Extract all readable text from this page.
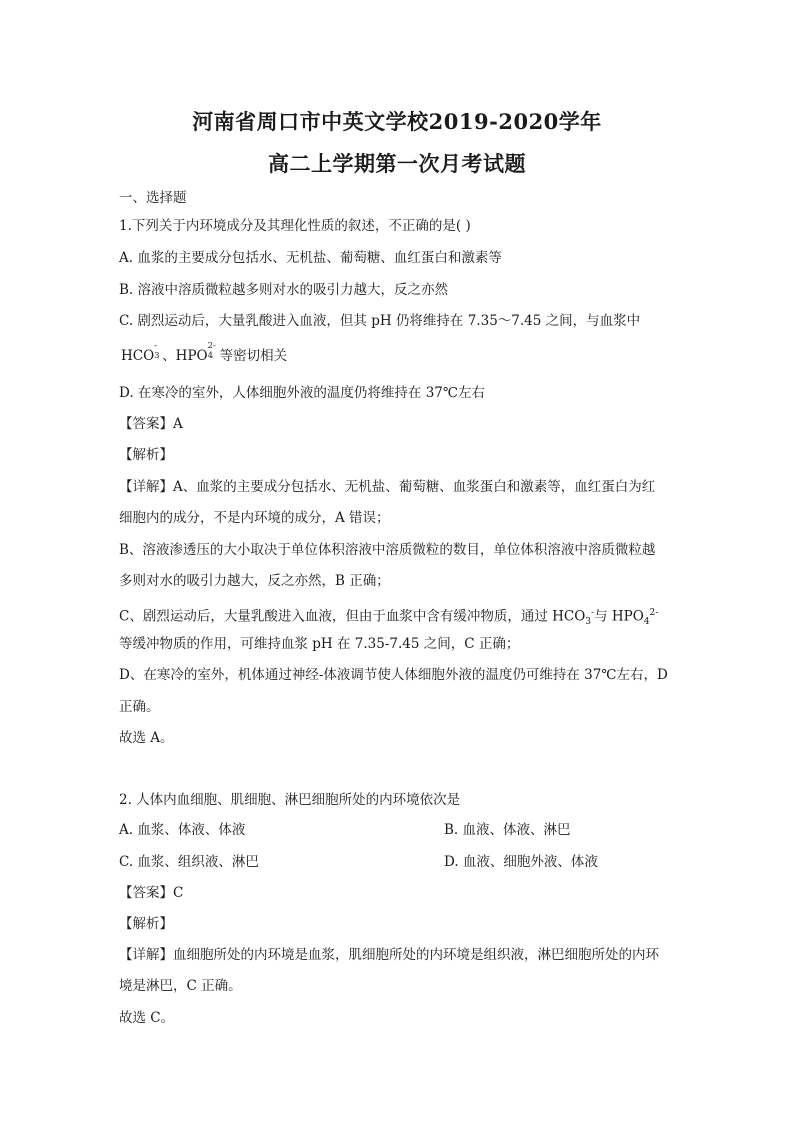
河南省周口市中英文学校2019-2020学年
高二上学期第一次月考试题
一、选择题
1.下列关于内环境成分及其理化性质的叙述，不正确的是( )
A. 血浆的主要成分包括水、无机盐、葡萄糖、血红蛋白和激素等
B. 溶液中溶质微粒越多则对水的吸引力越大，反之亦然
C. 剧烈运动后，大量乳酸进入血液，但其 pH 仍将维持在 7.35～7.45 之间，与血浆中
HCO
-
3 、HPO
2-
4 等密切相关
D. 在寒冷的室外，人体细胞外液的温度仍将维持在 37℃左右
【答案】A
【解析】
【详解】A、血浆的主要成分包括水、无机盐、葡萄糖、血浆蛋白和激素等，血红蛋白为红
细胞内的成分，不是内环境的成分，A 错误；
B、溶液渗透压的大小取决于单位体积溶液中溶质微粒的数目，单位体积溶液中溶质微粒越
多则对水的吸引力越大，反之亦然，B 正确；
C、剧烈运动后，大量乳酸进入血液，但由于血浆中含有缓冲物质，通过 $HCO_3^-$与 $HPO_4^{2-}$
等缓冲物质的作用，可维持血浆 pH 在 7.35-7.45 之间，C 正确；
D、在寒冷的室外，机体通过神经-体液调节使人体细胞外液的温度仍可维持在 37℃左右，D
正确。
故选 A。
2. 人体内血细胞、肌细胞、淋巴细胞所处的内环境依次是
A. 血浆、体液、体液	B. 血液、体液、淋巴
C. 血浆、组织液、淋巴	D. 血液、细胞外液、体液
【答案】C
【解析】
【详解】血细胞所处的内环境是血浆，肌细胞所处的内环境是组织液，淋巴细胞所处的内环
境是淋巴，C 正确。
故选 C。
